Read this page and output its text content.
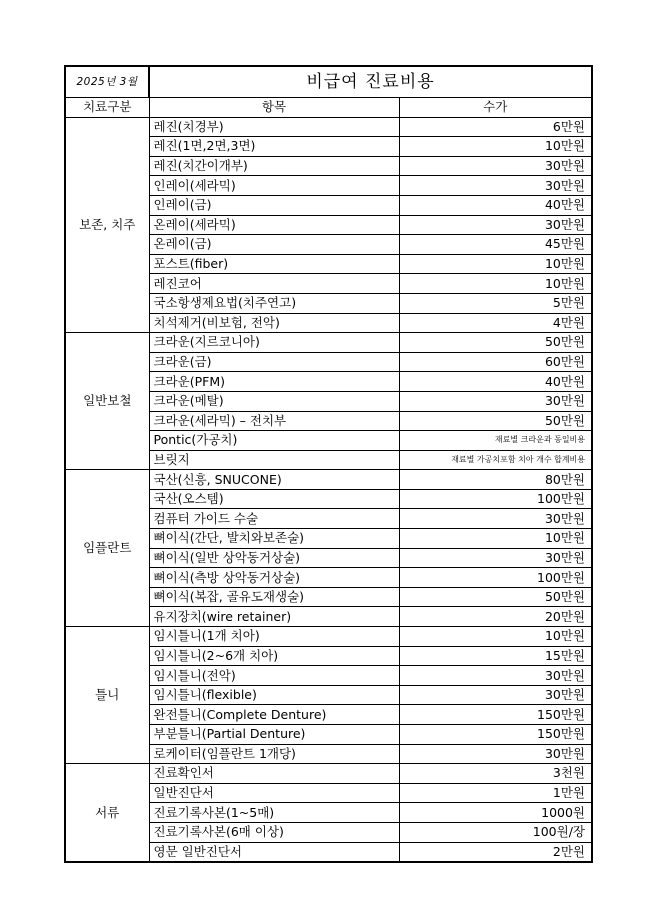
2025년 3월	비급여 진료비용	
치료구분	항목	수가
보존, 치주	레진(치경부)	6만원
	레진(1면,2면,3면)	10만원
	레진(치간이개부)	30만원
	인레이(세라믹)	30만원
	인레이(금)	40만원
	온레이(세라믹)	30만원
	온레이(금)	45만원
	포스트(fiber)	10만원
	레진코어	10만원
	국소항생제요법(치주연고)	5만원
	치석제거(비보험, 전악)	4만원
일반보철	크라운(지르코니아)	50만원
	크라운(금)	60만원
	크라운(PFM)	40만원
	크라운(메탈)	30만원
	크라운(세라믹) – 전치부	50만원
	Pontic(가공치)	재료별 크라운과 동일비용
	브릿지	재료별 가공치포함 치아 개수 합계비용
임플란트	국산(신흥, SNUCONE)	80만원
	국산(오스템)	100만원
	컴퓨터 가이드 수술	30만원
	뼈이식(간단, 발치와보존술)	10만원
	뼈이식(일반 상악동거상술)	30만원
	뼈이식(측방 상악동거상술)	100만원
	뼈이식(복잡, 골유도재생술)	50만원
	유지장치(wire retainer)	20만원
틀니	임시틀니(1개 치아)	10만원
	임시틀니(2~6개 치아)	15만원
	임시틀니(전악)	30만원
	임시틀니(flexible)	30만원
	완전틀니(Complete Denture)	150만원
	부분틀니(Partial Denture)	150만원
	로케이터(임플란트 1개당)	30만원
서류	진료확인서	3천원
	일반진단서	1만원
	진료기록사본(1~5매)	1000원
	진료기록사본(6매 이상)	100원/장
	영문 일반진단서	2만원
